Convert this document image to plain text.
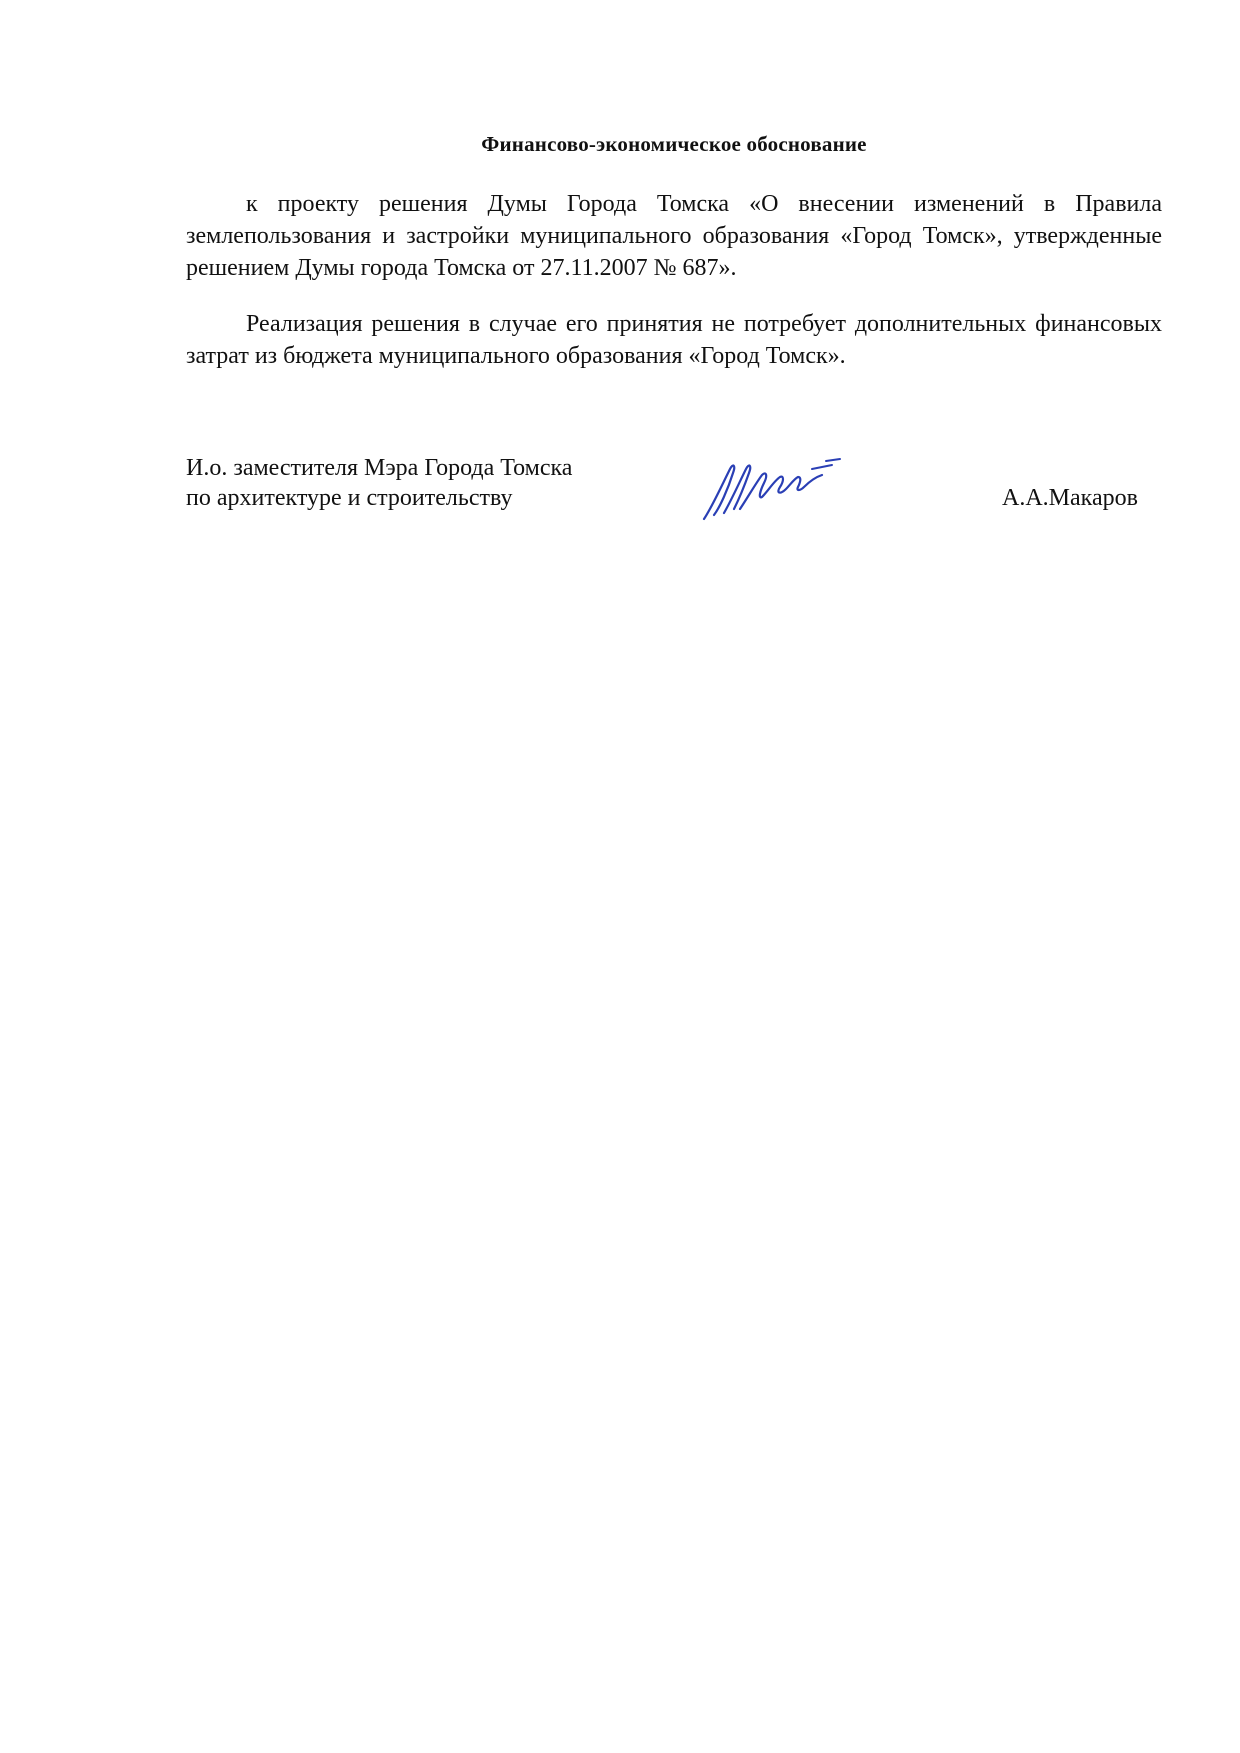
Финансово-экономическое обоснование
к проекту решения Думы Города Томска «О внесении изменений в Правила землепользования и застройки муниципального образования «Город Томск», утвержденные решением Думы города Томска от 27.11.2007 № 687».
Реализация решения в случае его принятия не потребует дополнительных финансовых затрат из бюджета муниципального образования «Город Томск».
И.о. заместителя Мэра Города Томска
по архитектуре и строительству	А.А.Макаров
